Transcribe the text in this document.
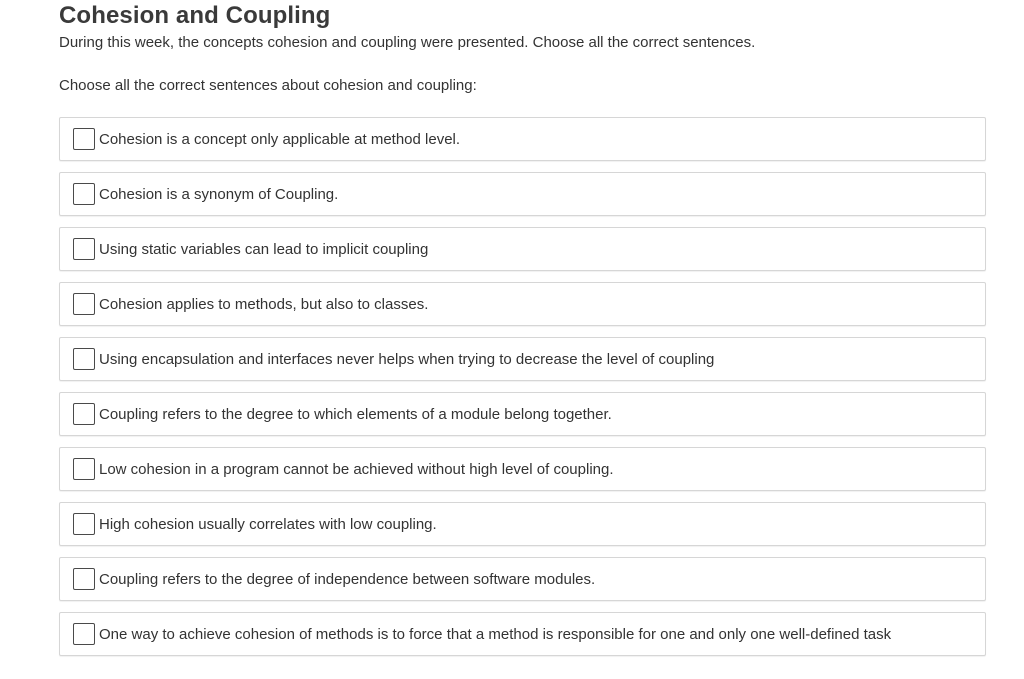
Cohesion and Coupling

During this week, the concepts cohesion and coupling were presented. Choose all the correct sentences.

Choose all the correct sentences about cohesion and coupling:

Cohesion is a concept only applicable at method level.
Cohesion is a synonym of Coupling.
Using static variables can lead to implicit coupling
Cohesion applies to methods, but also to classes.
Using encapsulation and interfaces never helps when trying to decrease the level of coupling
Coupling refers to the degree to which elements of a module belong together.
Low cohesion in a program cannot be achieved without high level of coupling.
High cohesion usually correlates with low coupling.
Coupling refers to the degree of independence between software modules.
One way to achieve cohesion of methods is to force that a method is responsible for one and only one well-defined task
